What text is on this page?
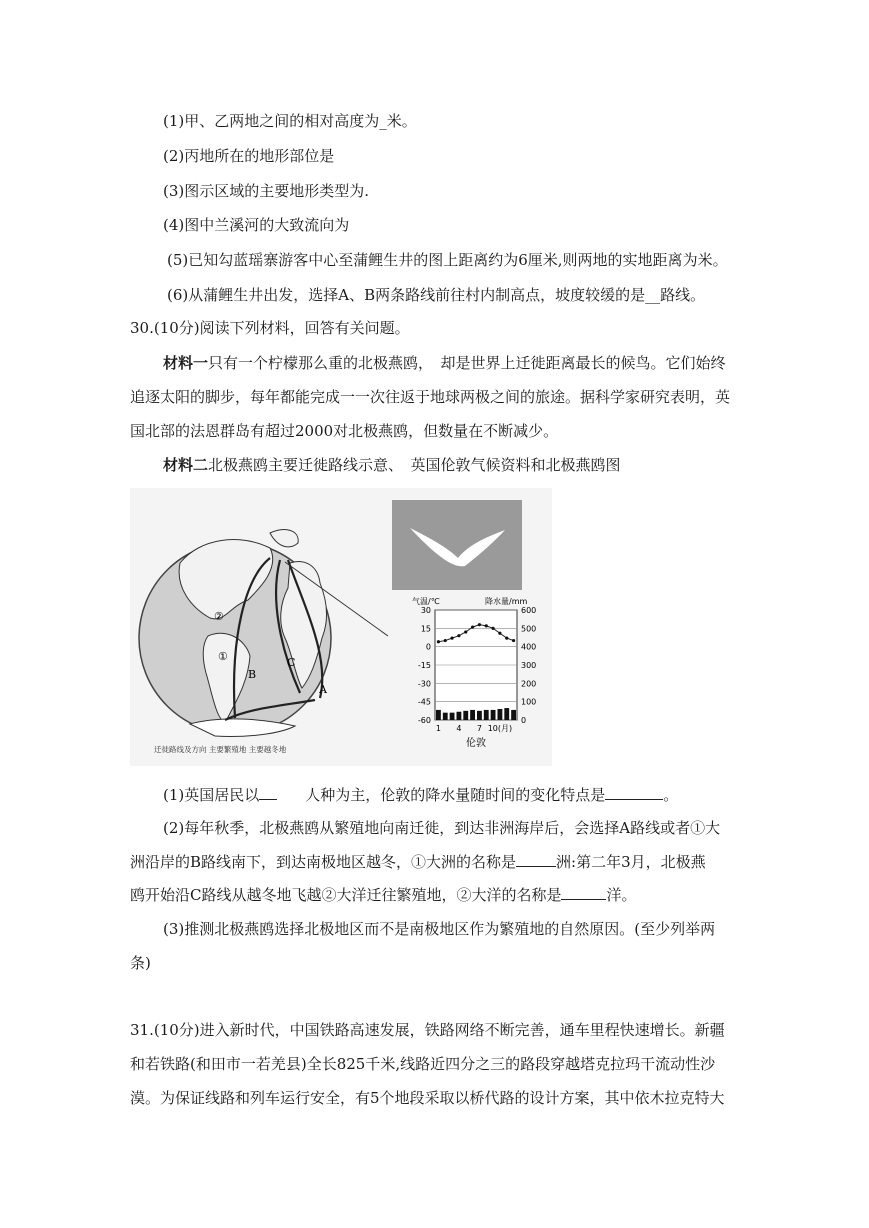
(1)甲、乙两地之间的相对高度为_米。
(2)丙地所在的地形部位是
(3)图示区域的主要地形类型为.
(4)图中兰溪河的大致流向为
(5)已知勾蓝瑶寨游客中心至蒲鲤生井的图上距离约为6厘米,则两地的实地距离为米。
(6)从蒲鲤生井出发，选择A、B两条路线前往村内制高点，坡度较缓的是__路线。
30.(10分)阅读下列材料，回答有关问题。
材料一只有一个柠檬那么重的北极燕鸥，　却是世界上迁徙距离最长的候鸟。它们始终
追逐太阳的脚步，每年都能完成一一次往返于地球两极之间的旅途。据科学家研究表明，英
国北部的法恩群岛有超过2000对北极燕鸥，但数量在不断减少。
材料二北极燕鸥主要迁徙路线示意、　英国伦敦气候资料和北极燕鸥图
②
①
B
C
A
迁徙路线及方向 主要繁殖地 主要越冬地
30
15
0
-15
-30
-45
-60
600
500
400
300
200
100
0
1 4 7 10(月)
气温/℃	降水量/mm
伦敦
(1)英国居民以	人种为主，伦敦的降水量随时间的变化特点是	。
(2)每年秋季，北极燕鸥从繁殖地向南迁徙，到达非洲海岸后，会选择A路线或者①大
洲沿岸的B路线南下，到达南极地区越冬，①大洲的名称是	洲:第二年3月，北极燕
鸥开始沿C路线从越冬地飞越②大洋迁往繁殖地，②大洋的名称是	洋。
(3)推测北极燕鸥选择北极地区而不是南极地区作为繁殖地的自然原因。(至少列举两
条)
31.(10分)进入新时代，中国铁路高速发展，铁路网络不断完善，通车里程快速增长。新疆
和若铁路(和田市一若羌县)全长825千米,线路近四分之三的路段穿越塔克拉玛干流动性沙
漠。为保证线路和列车运行安全，有5个地段采取以桥代路的设计方案，其中依木拉克特大
